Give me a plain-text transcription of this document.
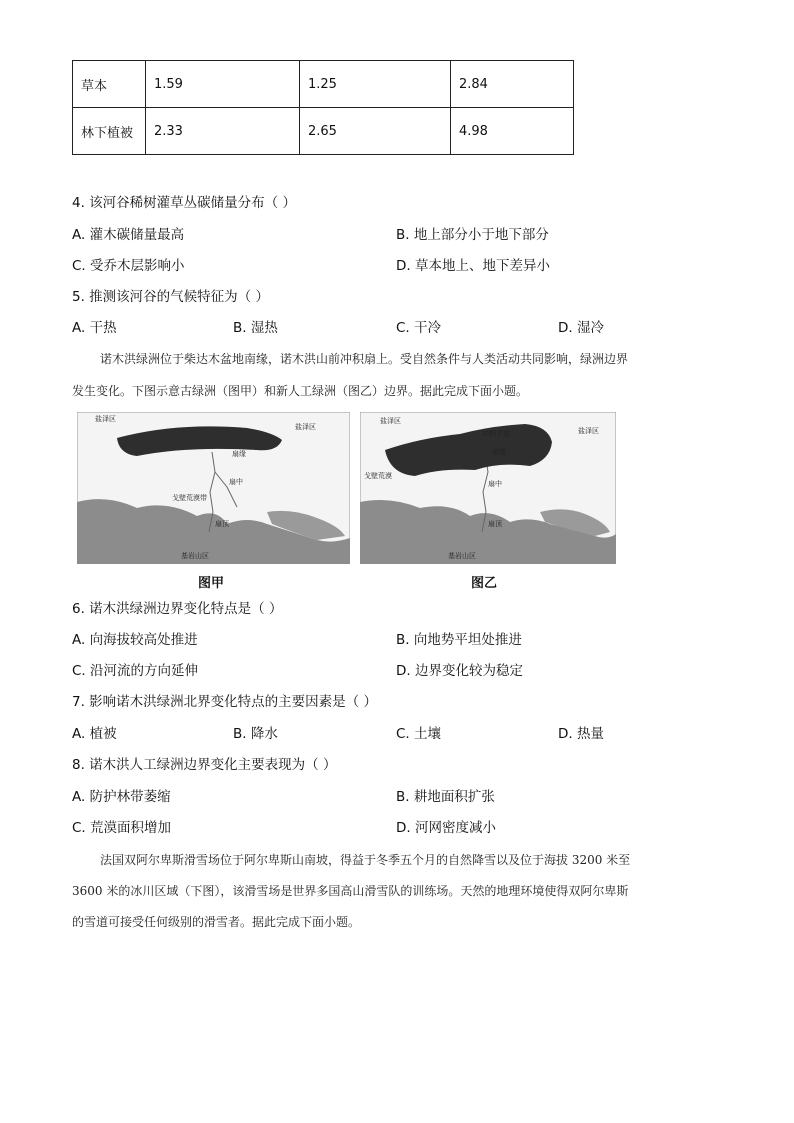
草本	1.59	1.25	2.84
林下植被	2.33	2.65	4.98
4. 该河谷稀树灌草丛碳储量分布（ ）
A. 灌木碳储量最高	B. 地上部分小于地下部分
C. 受乔木层影响小	D. 草本地上、地下差异小
5. 推测该河谷的气候特征为（ ）
A. 干热	B. 湿热	C. 干冷	D. 湿冷
诺木洪绿洲位于柴达木盆地南缘，诺木洪山前冲积扇上。受自然条件与人类活动共同影响，绿洲边界
发生变化。下图示意古绿洲（图甲）和新人工绿洲（图乙）边界。据此完成下面小题。
盐泽区
盐泽区
扇缘
扇中
戈壁荒漠带
扇顶
基岩山区
图甲
盐泽区
盐泽区
冲积平原
扇缘
戈壁荒漠
扇中
扇顶
基岩山区
图乙
6. 诺木洪绿洲边界变化特点是（ ）
A. 向海拔较高处推进	B. 向地势平坦处推进
C. 沿河流的方向延伸	D. 边界变化较为稳定
7. 影响诺木洪绿洲北界变化特点的主要因素是（ ）
A. 植被	B. 降水	C. 土壤	D. 热量
8. 诺木洪人工绿洲边界变化主要表现为（ ）
A. 防护林带萎缩	B. 耕地面积扩张
C. 荒漠面积增加	D. 河网密度减小
法国双阿尔卑斯滑雪场位于阿尔卑斯山南坡，得益于冬季五个月的自然降雪以及位于海拔 3200 米至
3600 米的冰川区域（下图），该滑雪场是世界多国高山滑雪队的训练场。天然的地理环境使得双阿尔卑斯
的雪道可接受任何级别的滑雪者。据此完成下面小题。
